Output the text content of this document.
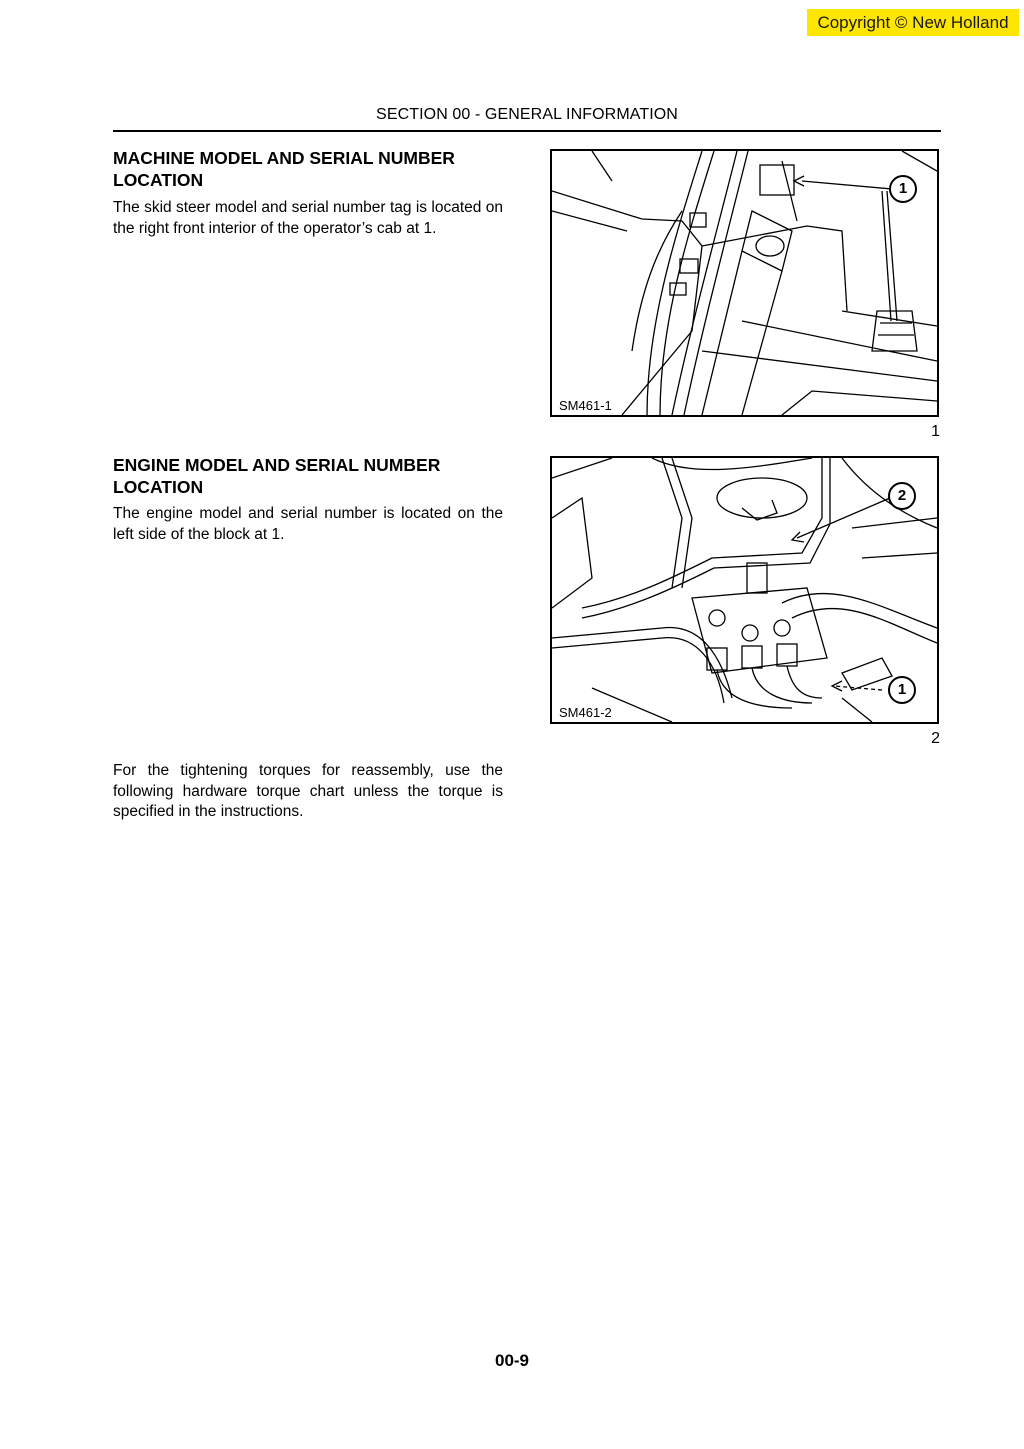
Copyright © New Holland
SECTION 00 - GENERAL INFORMATION
MACHINE MODEL AND SERIAL NUMBER LOCATION

The skid steer model and serial number tag is located on the right front interior of the operator’s cab at 1.

SM461-1
1
1
ENGINE MODEL AND SERIAL NUMBER LOCATION

The engine model and serial number is located on the left side of the block at 1.

SM461-2
2
1
2

For the tightening torques for reassembly, use the following hardware torque chart unless the torque is specified in the instructions.

00-9
